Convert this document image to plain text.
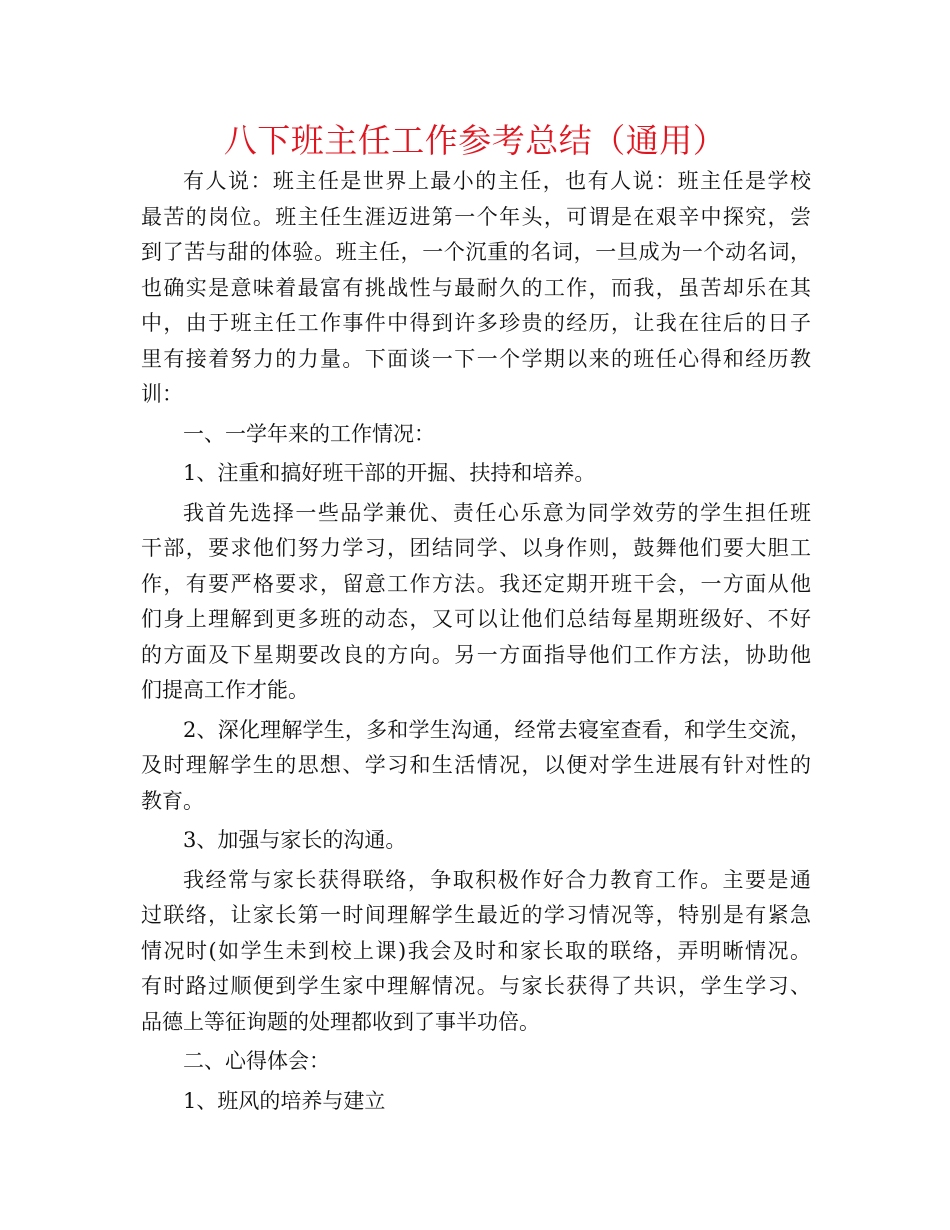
八下班主任工作参考总结（通用）
有人说：班主任是世界上最小的主任，也有人说：班主任是学校
最苦的岗位。班主任生涯迈进第一个年头，可谓是在艰辛中探究，尝
到了苦与甜的体验。班主任，一个沉重的名词，一旦成为一个动名词，
也确实是意味着最富有挑战性与最耐久的工作，而我，虽苦却乐在其
中，由于班主任工作事件中得到许多珍贵的经历，让我在往后的日子
里有接着努力的力量。下面谈一下一个学期以来的班任心得和经历教
训：
一、一学年来的工作情况：
1、注重和搞好班干部的开掘、扶持和培养。
我首先选择一些品学兼优、责任心乐意为同学效劳的学生担任班
干部，要求他们努力学习，团结同学、以身作则，鼓舞他们要大胆工
作，有要严格要求，留意工作方法。我还定期开班干会，一方面从他
们身上理解到更多班的动态，又可以让他们总结每星期班级好、不好
的方面及下星期要改良的方向。另一方面指导他们工作方法，协助他
们提高工作才能。
2、深化理解学生，多和学生沟通，经常去寝室查看，和学生交流，
及时理解学生的思想、学习和生活情况，以便对学生进展有针对性的
教育。
3、加强与家长的沟通。
我经常与家长获得联络，争取积极作好合力教育工作。主要是通
过联络，让家长第一时间理解学生最近的学习情况等，特别是有紧急
情况时(如学生未到校上课)我会及时和家长取的联络，弄明晰情况。
有时路过顺便到学生家中理解情况。与家长获得了共识，学生学习、
品德上等征询题的处理都收到了事半功倍。
二、心得体会：
1、班风的培养与建立
